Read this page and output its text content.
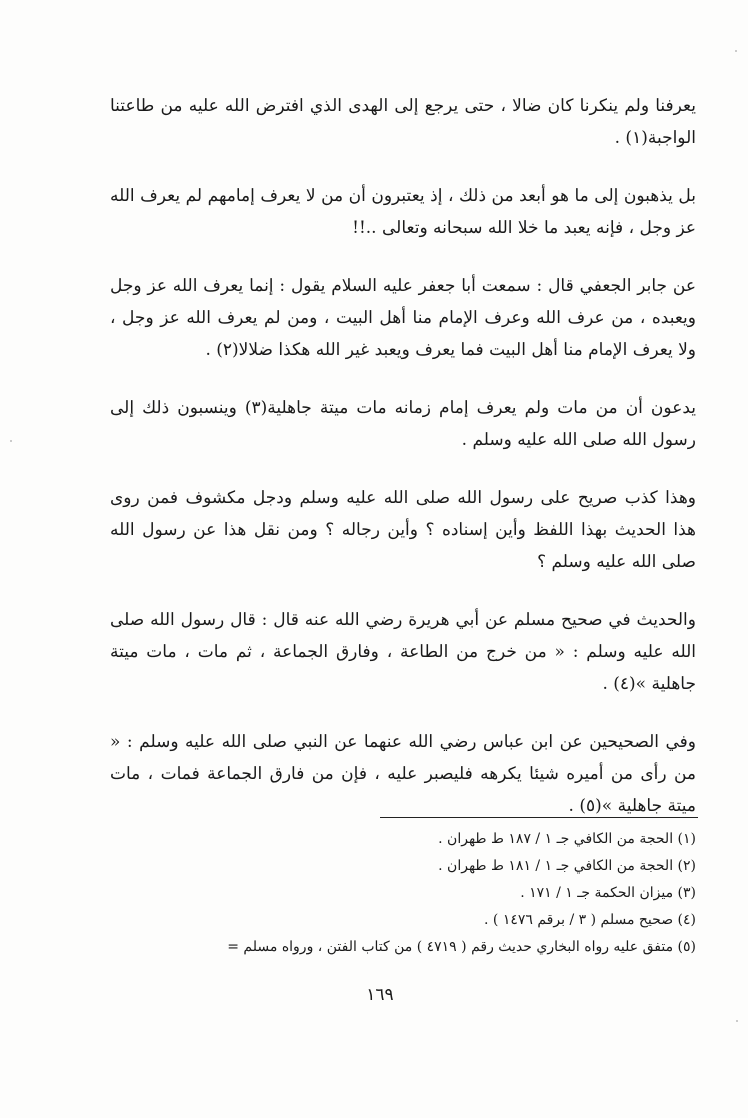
يعرفنا ولم ينكرنا كان ضالا ، حتى يرجع إلى الهدى الذي افترض الله عليه من طاعتنا الواجبة(١) .

بل يذهبون إلى ما هو أبعد من ذلك ، إذ يعتبرون أن من لا يعرف إمامهم لم يعرف الله عز وجل ، فإنه يعبد ما خلا الله سبحانه وتعالى ..!!

عن جابر الجعفي قال : سمعت أبا جعفر عليه السلام يقول : إنما يعرف الله عز وجل ويعبده ، من عرف الله وعرف الإمام منا أهل البيت ، ومن لم يعرف الله عز وجل ، ولا يعرف الإمام منا أهل البيت فما يعرف ويعبد غير الله هكذا ضلالا(٢) .

يدعون أن من مات ولم يعرف إمام زمانه مات ميتة جاهلية(٣) وينسبون ذلك إلى رسول الله صلى الله عليه وسلم .

وهذا كذب صريح على رسول الله صلى الله عليه وسلم ودجل مكشوف فمن روى هذا الحديث بهذا اللفظ وأين إسناده ؟ وأين رجاله ؟ ومن نقل هذا عن رسول الله صلى الله عليه وسلم ؟

والحديث في صحيح مسلم عن أبي هريرة رضي الله عنه قال : قال رسول الله صلى الله عليه وسلم : « من خرج من الطاعة ، وفارق الجماعة ، ثم مات ، مات ميتة جاهلية »(٤) .

وفي الصحيحين عن ابن عباس رضي الله عنهما عن النبي صلى الله عليه وسلم : « من رأى من أميره شيئا يكرهه فليصبر عليه ، فإن من فارق الجماعة فمات ، مات ميتة جاهلية »(٥) .

(١) الحجة من الكافي جـ ١ / ١٨٧ ط طهران .

(٢) الحجة من الكافي جـ ١ / ١٨١ ط طهران .

(٣) ميزان الحكمة جـ ١ / ١٧١ .

(٤) صحيح مسلم ( ٣ / برقم ١٤٧٦ ) .

(٥) متفق عليه رواه البخاري حديث رقم ( ٤٧١٩ ) من كتاب الفتن ، ورواه مسلم =

١٦٩
